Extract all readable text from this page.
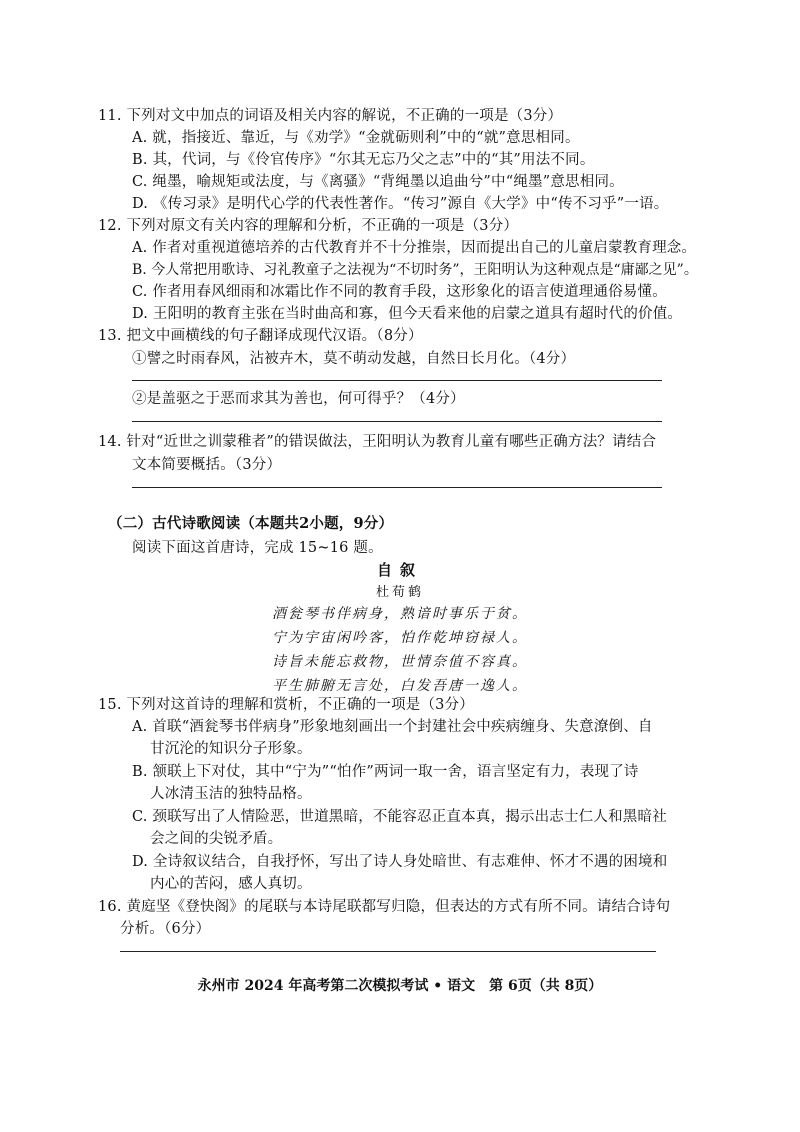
11. 下列对文中加点的词语及相关内容的解说，不正确的一项是（3分）
A. 就，指接近、靠近，与《劝学》“金就砺则利”中的“就”意思相同。
B. 其，代词，与《伶官传序》“尔其无忘乃父之志”中的“其”用法不同。
C. 绳墨，喻规矩或法度，与《离骚》“背绳墨以追曲兮”中“绳墨”意思相同。
D. 《传习录》是明代心学的代表性著作。“传习”源自《大学》中“传不习乎”一语。
12. 下列对原文有关内容的理解和分析，不正确的一项是（3分）
A. 作者对重视道德培养的古代教育并不十分推崇，因而提出自己的儿童启蒙教育理念。
B. 今人常把用歌诗、习礼教童子之法视为“不切时务”，王阳明认为这种观点是“庸鄙之见”。
C. 作者用春风细雨和冰霜比作不同的教育手段，这形象化的语言使道理通俗易懂。
D. 王阳明的教育主张在当时曲高和寡，但今天看来他的启蒙之道具有超时代的价值。
13. 把文中画横线的句子翻译成现代汉语。（8分）
①譬之时雨春风，沾被卉木，莫不萌动发越，自然日长月化。（4分）
②是盖驱之于恶而求其为善也，何可得乎？（4分）
14. 针对“近世之训蒙稚者”的错误做法，王阳明认为教育儿童有哪些正确方法？请结合
文本简要概括。（3分）
（二）古代诗歌阅读（本题共2小题，9分）
阅读下面这首唐诗，完成 15~16 题。
自叙
杜荀鹤
酒瓮琴书伴病身，熟谙时事乐于贫。
宁为宇宙闲吟客，怕作乾坤窃禄人。
诗旨未能忘救物，世情奈值不容真。
平生肺腑无言处，白发吾唐一逸人。
15. 下列对这首诗的理解和赏析，不正确的一项是（3分）
A. 首联“酒瓮琴书伴病身”形象地刻画出一个封建社会中疾病缠身、失意潦倒、自
甘沉沦的知识分子形象。
B. 颔联上下对仗，其中“宁为”“怕作”两词一取一舍，语言坚定有力，表现了诗
人冰清玉洁的独特品格。
C. 颈联写出了人情险恶，世道黑暗，不能容忍正直本真，揭示出志士仁人和黑暗社
会之间的尖锐矛盾。
D. 全诗叙议结合，自我抒怀，写出了诗人身处暗世、有志难伸、怀才不遇的困境和
内心的苦闷，感人真切。
16. 黄庭坚《登快阁》的尾联与本诗尾联都写归隐，但表达的方式有所不同。请结合诗句
分析。（6分）
永州市 2024 年高考第二次模拟考试 • 语文　第 6页（共 8页）
